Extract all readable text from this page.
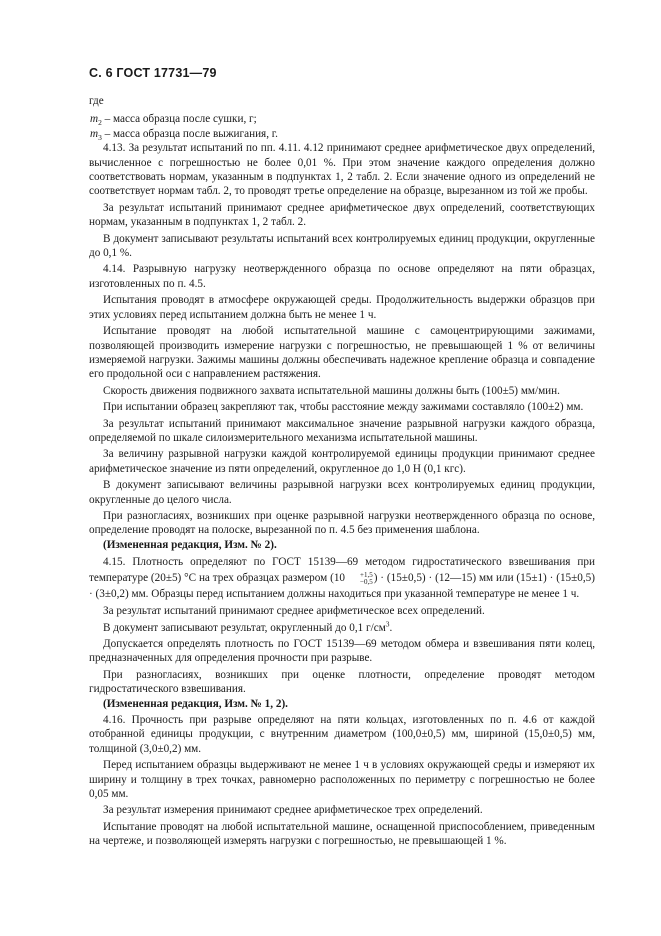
С. 6 ГОСТ 17731—79

где

$m_2$ – масса образца после сушки, г;

$m_3$ – масса образца после выжигания, г.

4.13. За результат испытаний по пп. 4.11. 4.12 принимают среднее арифметическое двух определений, вычисленное с погрешностью не более 0,01 %. При этом значение каждого определения должно соответствовать нормам, указанным в подпунктах 1, 2 табл. 2. Если значение одного из определений не соответствует нормам табл. 2, то проводят третье определение на образце, вырезанном из той же пробы.

За результат испытаний принимают среднее арифметическое двух определений, соответствующих нормам, указанным в подпунктах 1, 2 табл. 2.

В документ записывают результаты испытаний всех контролируемых единиц продукции, округленные до 0,1 %.

4.14. Разрывную нагрузку неотвержденного образца по основе определяют на пяти образцах, изготовленных по п. 4.5.

Испытания проводят в атмосфере окружающей среды. Продолжительность выдержки образцов при этих условиях перед испытанием должна быть не менее 1 ч.

Испытание проводят на любой испытательной машине с самоцентрирующими зажимами, позволяющей производить измерение нагрузки с погрешностью, не превышающей 1 % от величины измеряемой нагрузки. Зажимы машины должны обеспечивать надежное крепление образца и совпадение его продольной оси с направлением растяжения.

Скорость движения подвижного захвата испытательной машины должны быть (100±5) мм/мин.

При испытании образец закрепляют так, чтобы расстояние между зажимами составляло (100±2) мм.

За результат испытаний принимают максимальное значение разрывной нагрузки каждого образца, определяемой по шкале силоизмерительного механизма испытательной машины.

За величину разрывной нагрузки каждой контролируемой единицы продукции принимают среднее арифметическое значение из пяти определений, округленное до 1,0 Н (0,1 кгс).

В документ записывают величины разрывной нагрузки всех контролируемых единиц продукции, округленные до целого числа.

При разногласиях, возникших при оценке разрывной нагрузки неотвержденного образца по основе, определение проводят на полоске, вырезанной по п. 4.5 без применения шаблона.

(Измененная редакция, Изм. № 2).

4.15. Плотность определяют по ГОСТ 15139—69 методом гидростатического взвешивания при температуре (20±5) °С на трех образцах размером (10	+1,5
−0,5 ) · (15±0,5) · (12—15) мм или (15±1) · (15±0,5) · (3±0,2) мм. Образцы перед испытанием должны находиться при указанной температуре не менее 1 ч.

За результат испытаний принимают среднее арифметическое всех определений.

В документ записывают результат, округленный до 0,1 $г/см^3$.

Допускается определять плотность по ГОСТ 15139—69 методом обмера и взвешивания пяти колец, предназначенных для определения прочности при разрыве.

При разногласиях, возникших при оценке плотности, определение проводят методом гидростатического взвешивания.

(Измененная редакция, Изм. № 1, 2).

4.16. Прочность при разрыве определяют на пяти кольцах, изготовленных по п. 4.6 от каждой отобранной единицы продукции, с внутренним диаметром (100,0±0,5) мм, шириной (15,0±0,5) мм, толщиной (3,0±0,2) мм.

Перед испытанием образцы выдерживают не менее 1 ч в условиях окружающей среды и измеряют их ширину и толщину в трех точках, равномерно расположенных по периметру с погрешностью не более 0,05 мм.

За результат измерения принимают среднее арифметическое трех определений.

Испытание проводят на любой испытательной машине, оснащенной приспособлением, приведенным на чертеже, и позволяющей измерять нагрузки с погрешностью, не превышающей 1 %.
